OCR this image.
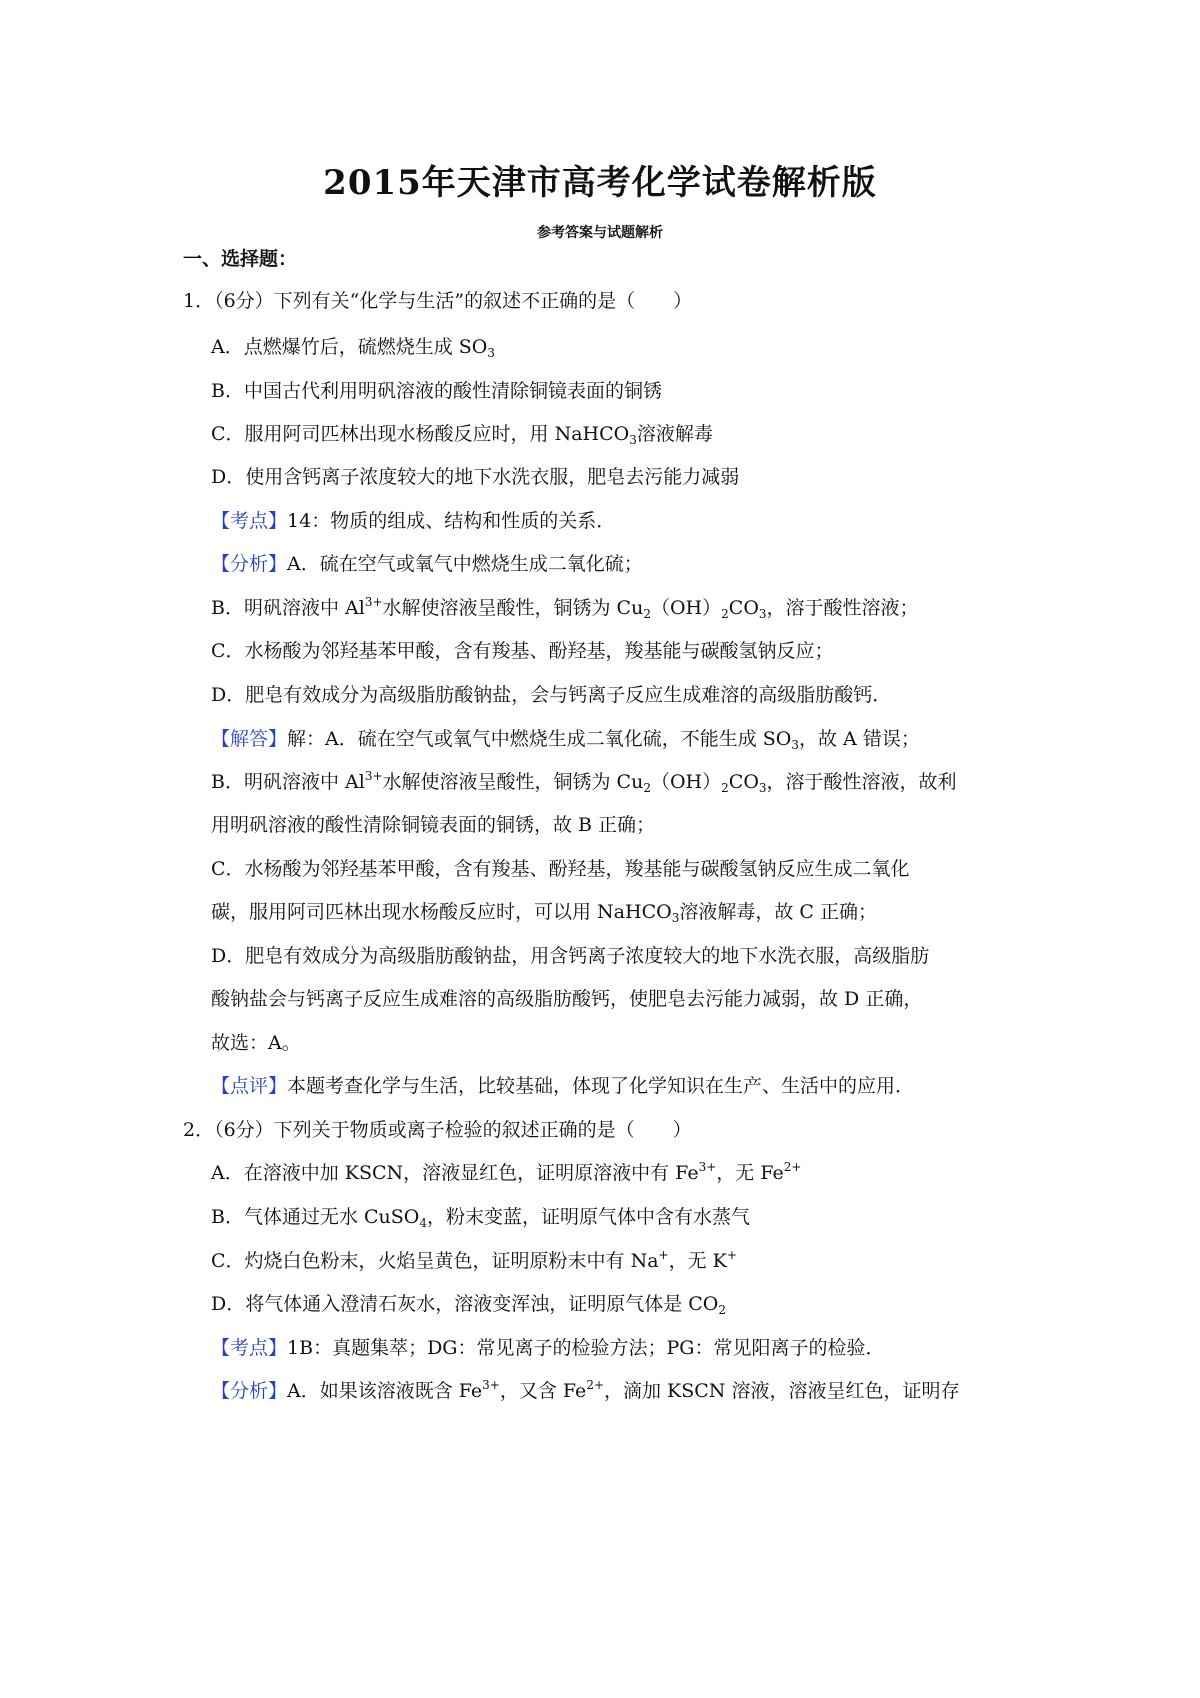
2015年天津市高考化学试卷解析版
参考答案与试题解析
一、选择题：
1．（6分）下列有关“化学与生活”的叙述不正确的是（　　）
A．点燃爆竹后，硫燃烧生成 $SO_3$
B．中国古代利用明矾溶液的酸性清除铜镜表面的铜锈
C．服用阿司匹林出现水杨酸反应时，用 NaHCO$_3$溶液解毒
D．使用含钙离子浓度较大的地下水洗衣服，肥皂去污能力减弱
【考点】14：物质的组成、结构和性质的关系．
【分析】A．硫在空气或氧气中燃烧生成二氧化硫；
B．明矾溶液中 $Al^{3+}$水解使溶液呈酸性，铜锈为 $Cu_2(OH)_2CO_3$，溶于酸性溶液；
C．水杨酸为邻羟基苯甲酸，含有羧基、酚羟基，羧基能与碳酸氢钠反应；
D．肥皂有效成分为高级脂肪酸钠盐，会与钙离子反应生成难溶的高级脂肪酸钙．
【解答】解：A．硫在空气或氧气中燃烧生成二氧化硫，不能生成 $SO_3$，故 A 错误；
B．明矾溶液中 $Al^{3+}$水解使溶液呈酸性，铜锈为 $Cu_2(OH)_2CO_3$，溶于酸性溶液，故利
用明矾溶液的酸性清除铜镜表面的铜锈，故 B 正确；
C．水杨酸为邻羟基苯甲酸，含有羧基、酚羟基，羧基能与碳酸氢钠反应生成二氧化
碳，服用阿司匹林出现水杨酸反应时，可以用 NaHCO$_3$溶液解毒，故 C 正确；
D．肥皂有效成分为高级脂肪酸钠盐，用含钙离子浓度较大的地下水洗衣服，高级脂肪
酸钠盐会与钙离子反应生成难溶的高级脂肪酸钙，使肥皂去污能力减弱，故 D 正确，
故选：A。
【点评】本题考查化学与生活，比较基础，体现了化学知识在生产、生活中的应用．
2．（6分）下列关于物质或离子检验的叙述正确的是（　　）
A．在溶液中加 KSCN，溶液显红色，证明原溶液中有 $Fe^{3+}$，无 $Fe^{2+}$
B．气体通过无水 CuSO$_4$，粉末变蓝，证明原气体中含有水蒸气
C．灼烧白色粉末，火焰呈黄色，证明原粉末中有 Na+，无 K+
D．将气体通入澄清石灰水，溶液变浑浊，证明原气体是 $CO_2$
【考点】1B：真题集萃；DG：常见离子的检验方法；PG：常见阳离子的检验．
【分析】A．如果该溶液既含 $Fe^{3+}$，又含 $Fe^{2+}$，滴加 KSCN 溶液，溶液呈红色，证明存
